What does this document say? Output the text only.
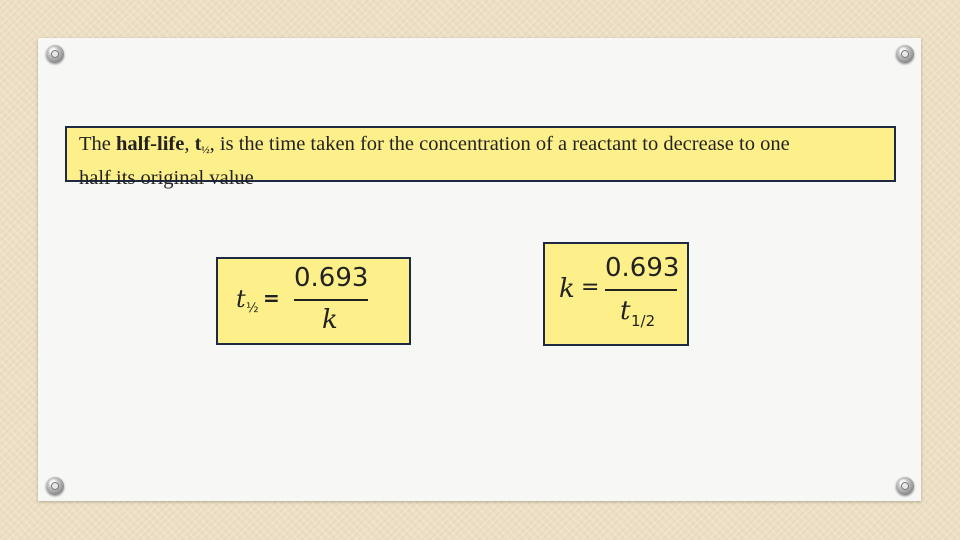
The half-life, $t_{\frac{1}{2}}$, is the time taken for the concentration of a reactant to decrease to one
half its original value
t ½ =
0.693
k
k =
0.693
t 1/2
